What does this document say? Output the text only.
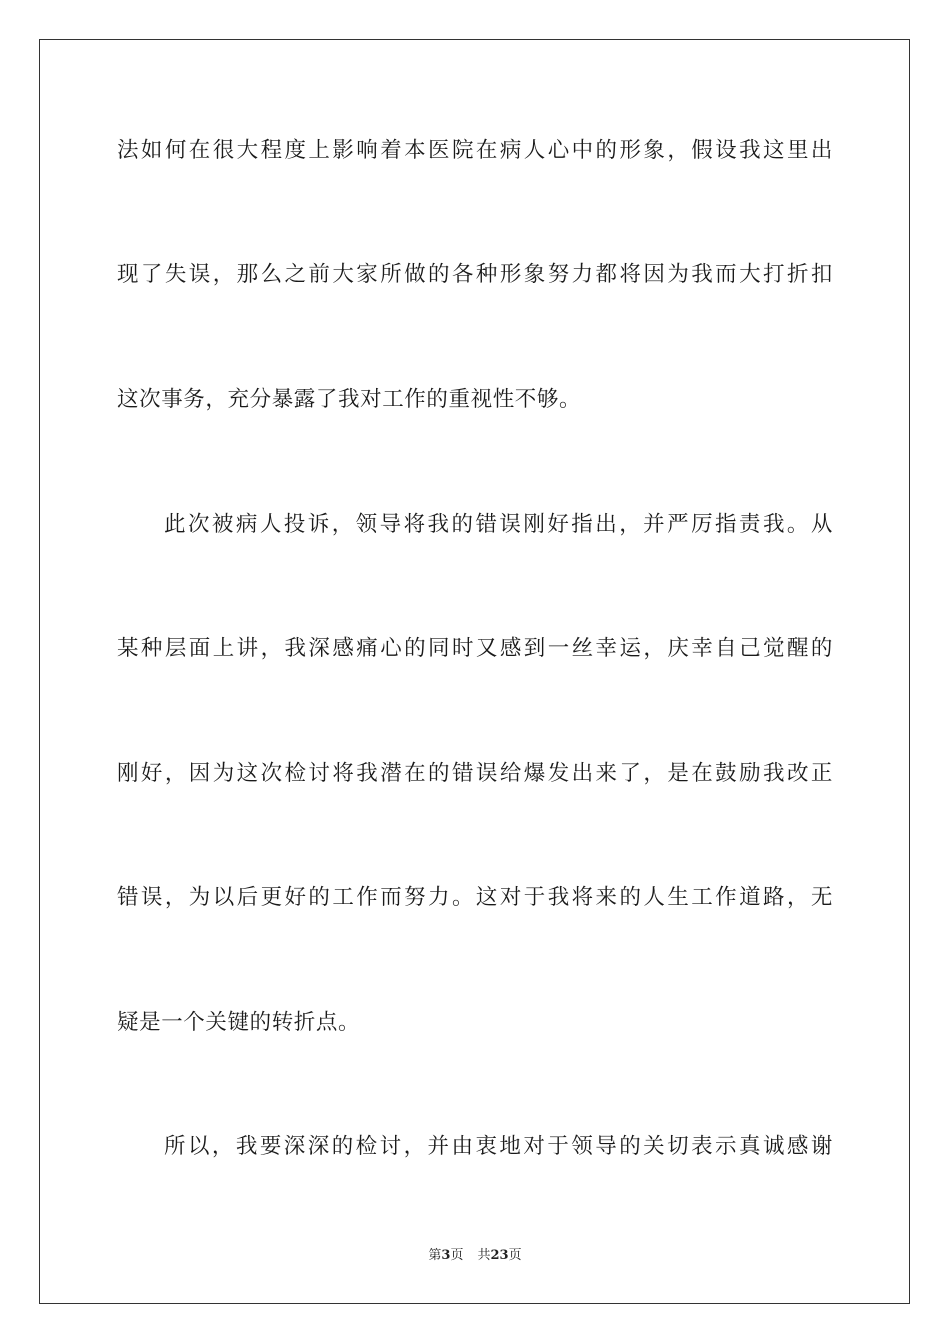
法如何在很大程度上影响着本医院在病人心中的形象，假设我这里出
现了失误，那么之前大家所做的各种形象努力都将因为我而大打折扣
这次事务，充分暴露了我对工作的重视性不够。
此次被病人投诉，领导将我的错误刚好指出，并严厉指责我。从
某种层面上讲，我深感痛心的同时又感到一丝幸运，庆幸自己觉醒的
刚好，因为这次检讨将我潜在的错误给爆发出来了，是在鼓励我改正
错误，为以后更好的工作而努力。这对于我将来的人生工作道路，无
疑是一个关键的转折点。
所以，我要深深的检讨，并由衷地对于领导的关切表示真诚感谢
第3页 共23页
